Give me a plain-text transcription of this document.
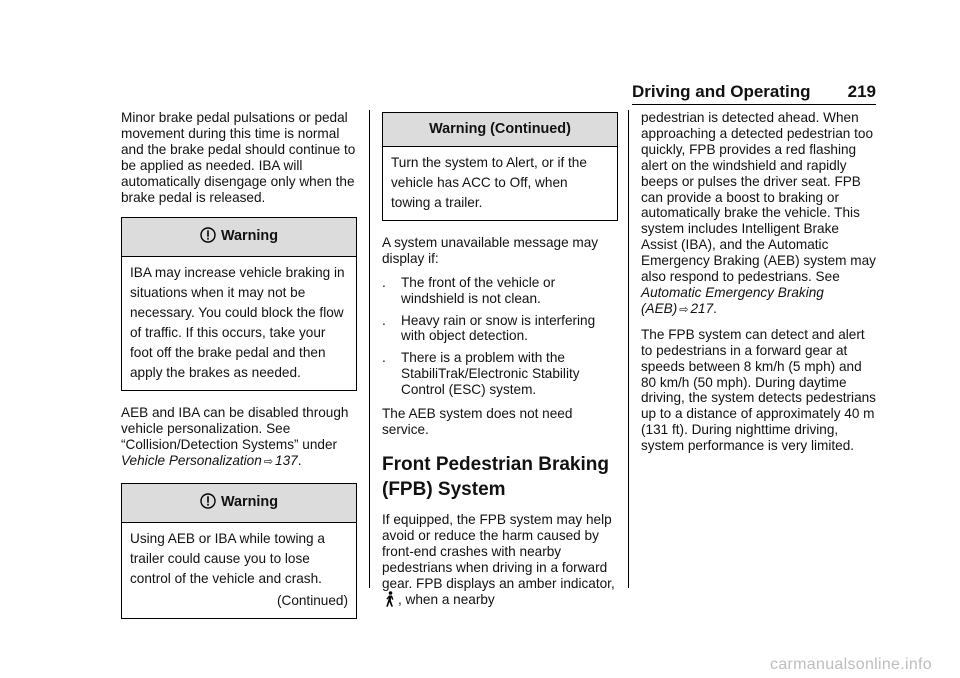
Driving and Operating 219

Minor brake pedal pulsations or pedal movement during this time is normal and the brake pedal should continue to be applied as needed. IBA will automatically disengage only when the brake pedal is released.

Warning
IBA may increase vehicle braking in situations when it may not be necessary. You could block the flow of traffic. If this occurs, take your foot off the brake pedal and then apply the brakes as needed.

AEB and IBA can be disabled through vehicle personalization. See “Collision/Detection Systems” under
Vehicle Personalization ⇨ 137.

Warning
Using AEB or IBA while towing a trailer could cause you to lose control of the vehicle and crash.
(Continued)
Warning (Continued)
Turn the system to Alert, or if the vehicle has ACC to Off, when towing a trailer.

A system unavailable message may display if:

. The front of the vehicle or windshield is not clean.
. Heavy rain or snow is interfering with object detection.
. There is a problem with the StabiliTrak/Electronic Stability Control (ESC) system.

The AEB system does not need service.

Front Pedestrian Braking (FPB) System

If equipped, the FPB system may help avoid or reduce the harm caused by front-end crashes with nearby pedestrians when driving in a forward gear. FPB displays an amber indicator,, when a nearby

pedestrian is detected ahead. When approaching a detected pedestrian too quickly, FPB provides a red flashing alert on the windshield and rapidly beeps or pulses the driver seat. FPB can provide a boost to braking or automatically brake the vehicle. This system includes Intelligent Brake Assist (IBA), and the Automatic Emergency Braking (AEB) system may also respond to pedestrians. See Automatic Emergency Braking (AEB) ⇨ 217.

The FPB system can detect and alert to pedestrians in a forward gear at speeds between 8 km/h (5 mph) and 80 km/h (50 mph). During daytime driving, the system detects pedestrians up to a distance of approximately 40 m (131 ft). During nighttime driving, system performance is very limited.

carmanualsonline.info
